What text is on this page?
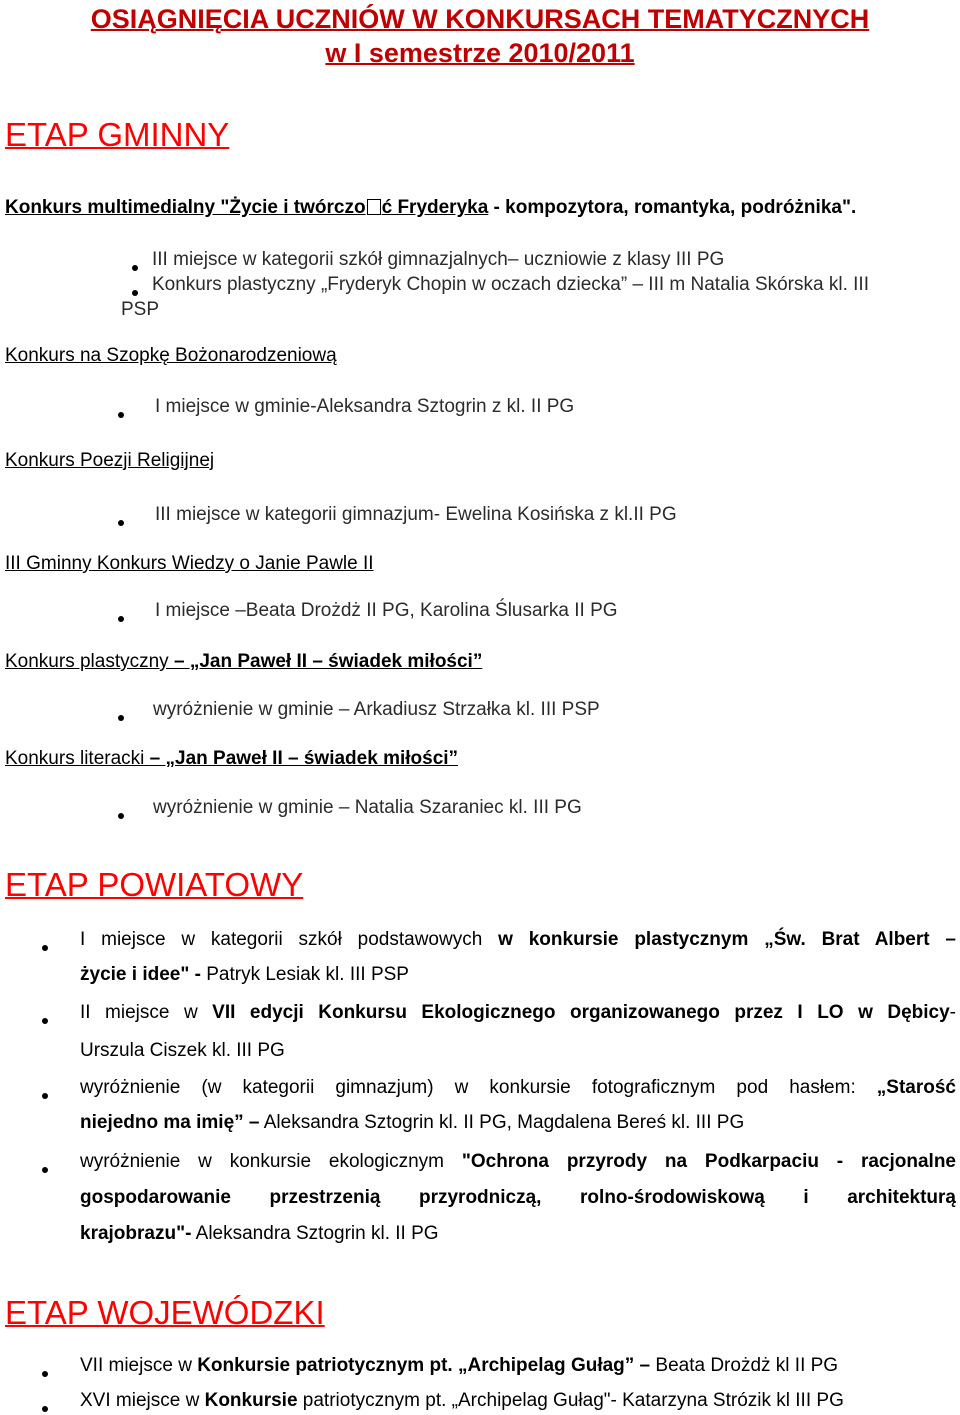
OSIĄGNIĘCIA UCZNIÓW W KONKURSACH TEMATYCZNYCH
w I semestrze 2010/2011
ETAP GMINNY
Konkurs multimedialny "Życie i twórczo ć Fryderyka - kompozytora, romantyka, podróżnika".
III miejsce w kategorii szkół gimnazjalnych– uczniowie z klasy III PG
Konkurs plastyczny „Fryderyk Chopin w oczach dziecka” – III m Natalia Skórska kl. III
PSP
Konkurs na Szopkę Bożonarodzeniową
I miejsce w gminie-Aleksandra Sztogrin z kl. II PG
Konkurs Poezji Religijnej
III miejsce w kategorii gimnazjum- Ewelina Kosińska z kl.II PG
III Gminny Konkurs Wiedzy o Janie Pawle II
I miejsce –Beata Drożdż II PG, Karolina Ślusarka II PG
Konkurs plastyczny – „Jan Paweł II – świadek miłości”
wyróżnienie w gminie – Arkadiusz Strzałka kl. III PSP
Konkurs literacki – „Jan Paweł II – świadek miłości”
wyróżnienie w gminie – Natalia Szaraniec kl. III PG
ETAP POWIATOWY
I miejsce w kategorii szkół podstawowych w konkursie plastycznym „Św. Brat Albert –
życie i idee" - Patryk Lesiak kl. III PSP
II miejsce w VII edycji Konkursu Ekologicznego organizowanego przez I LO w Dębicy-
Urszula Ciszek kl. III PG
wyróżnienie (w kategorii gimnazjum) w konkursie fotograficznym pod hasłem: „Starość
niejedno ma imię” – Aleksandra Sztogrin kl. II PG, Magdalena Bereś kl. III PG
wyróżnienie w konkursie ekologicznym "Ochrona przyrody na Podkarpaciu - racjonalne
gospodarowanie przestrzenią przyrodniczą, rolno-środowiskową i architekturą
krajobrazu"- Aleksandra Sztogrin kl. II PG
ETAP WOJEWÓDZKI
VII miejsce w Konkursie patriotycznym pt. „Archipelag Gułag” – Beata Drożdż kl II PG
XVI miejsce w Konkursie patriotycznym pt. „Archipelag Gułag"- Katarzyna Strózik kl III PG
